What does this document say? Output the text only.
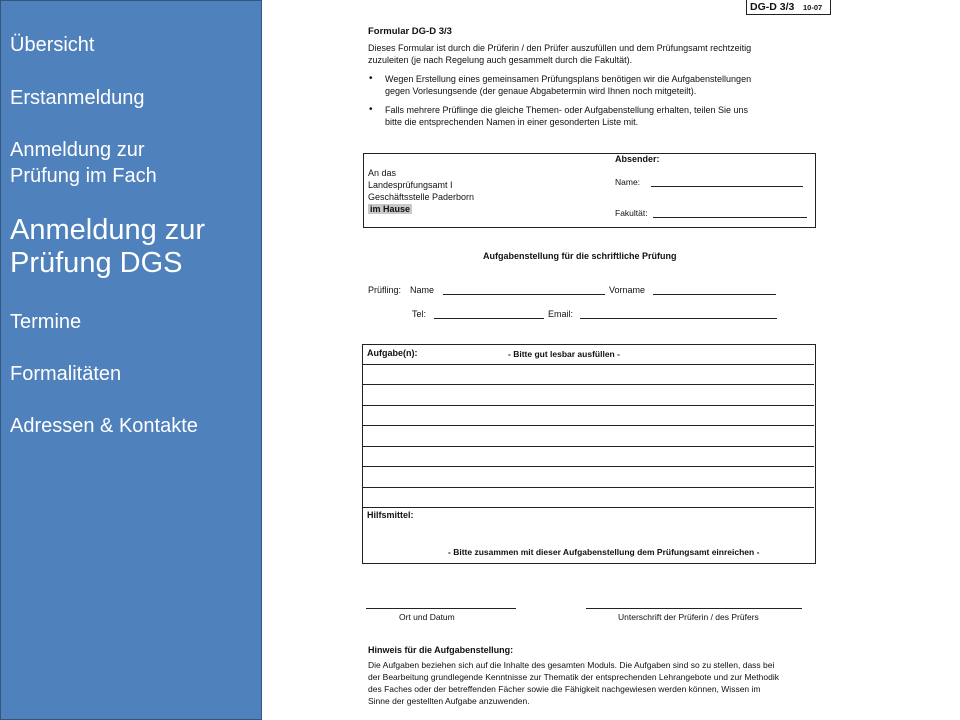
Übersicht
Erstanmeldung
Anmeldung zur
Prüfung im Fach
Anmeldung zur
Prüfung DGS
Termine
Formalitäten
Adressen & Kontakte
DG-D 3/3 10-07
Formular DG-D 3/3
Dieses Formular ist durch die Prüferin / den Prüfer auszufüllen und dem Prüfungsamt rechtzeitig
zuzuleiten (je nach Regelung auch gesammelt durch die Fakultät).
• Wegen Erstellung eines gemeinsamen Prüfungsplans benötigen wir die Aufgabenstellungen
gegen Vorlesungsende (der genaue Abgabetermin wird Ihnen noch mitgeteilt).
• Falls mehrere Prüflinge die gleiche Themen- oder Aufgabenstellung erhalten, teilen Sie uns
bitte die entsprechenden Namen in einer gesonderten Liste mit.
An das
Landesprüfungsamt I
Geschäftsstelle Paderborn
im Hause
Absender:
Name:
Fakultät:
Aufgabenstellung für die schriftliche Prüfung
Prüfling: Name	Vorname
Tel:	Email:
Aufgabe(n):	- Bitte gut lesbar ausfüllen -
Hilfsmittel:
- Bitte zusammen mit dieser Aufgabenstellung dem Prüfungsamt einreichen -
Ort und Datum	Unterschrift der Prüferin / des Prüfers
Hinweis für die Aufgabenstellung:
Die Aufgaben beziehen sich auf die Inhalte des gesamten Moduls. Die Aufgaben sind so zu stellen, dass bei
der Bearbeitung grundlegende Kenntnisse zur Thematik der entsprechenden Lehrangebote und zur Methodik
des Faches oder der betreffenden Fächer sowie die Fähigkeit nachgewiesen werden können, Wissen im
Sinne der gestellten Aufgabe anzuwenden.
